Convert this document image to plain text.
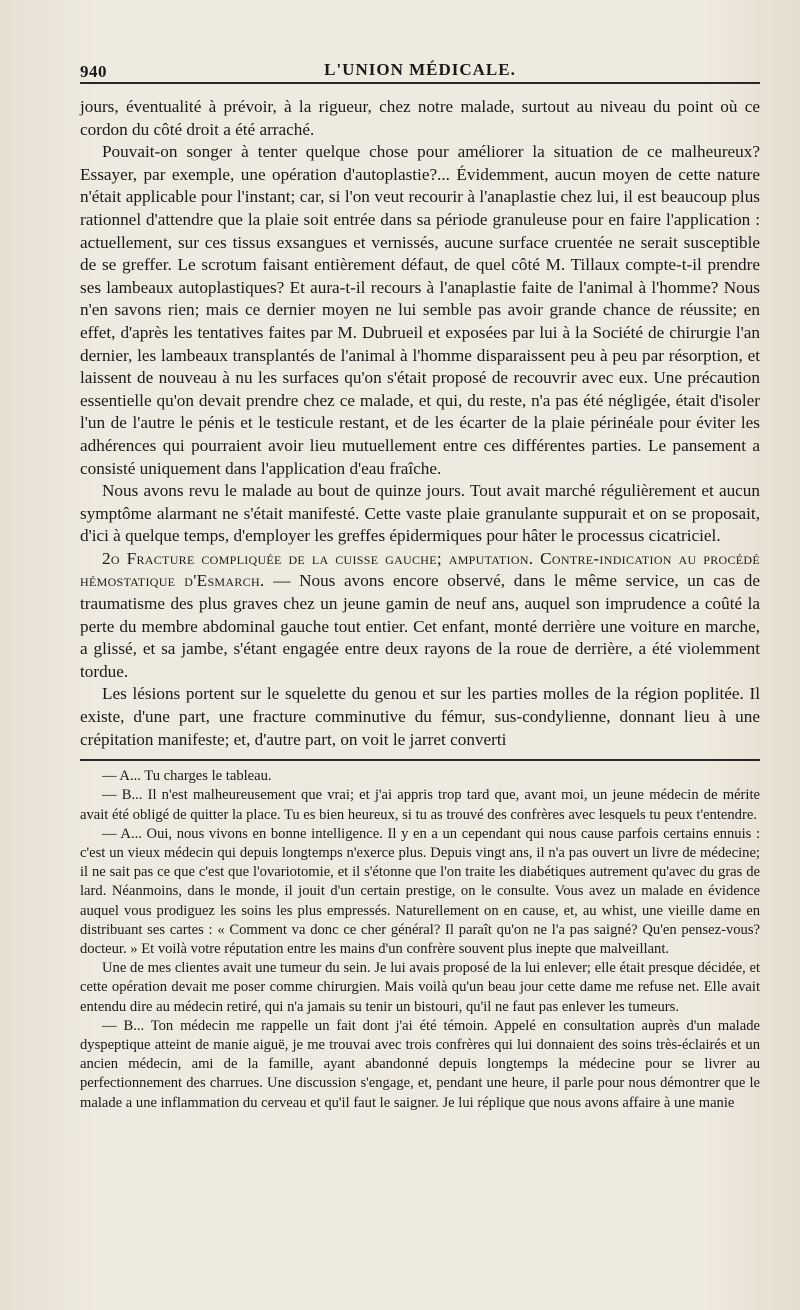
940	L'UNION MÉDICALE.

jours, éventualité à prévoir, à la rigueur, chez notre malade, surtout au niveau du point où ce cordon du côté droit a été arraché.

Pouvait-on songer à tenter quelque chose pour améliorer la situation de ce malheureux? Essayer, par exemple, une opération d'autoplastie?... Évidemment, aucun moyen de cette nature n'était applicable pour l'instant; car, si l'on veut recourir à l'anaplastie chez lui, il est beaucoup plus rationnel d'attendre que la plaie soit entrée dans sa période granuleuse pour en faire l'application : actuellement, sur ces tissus exsangues et vernissés, aucune surface cruentée ne serait susceptible de se greffer. Le scrotum faisant entièrement défaut, de quel côté M. Tillaux compte-t-il prendre ses lambeaux autoplastiques? Et aura-t-il recours à l'anaplastie faite de l'animal à l'homme? Nous n'en savons rien; mais ce dernier moyen ne lui semble pas avoir grande chance de réussite; en effet, d'après les tentatives faites par M. Dubrueil et exposées par lui à la Société de chirurgie l'an dernier, les lambeaux transplantés de l'animal à l'homme disparaissent peu à peu par résorption, et laissent de nouveau à nu les surfaces qu'on s'était proposé de recouvrir avec eux. Une précaution essentielle qu'on devait prendre chez ce malade, et qui, du reste, n'a pas été négligée, était d'isoler l'un de l'autre le pénis et le testicule restant, et de les écarter de la plaie périnéale pour éviter les adhérences qui pourraient avoir lieu mutuellement entre ces différentes parties. Le pansement a consisté uniquement dans l'application d'eau fraîche.

Nous avons revu le malade au bout de quinze jours. Tout avait marché régulièrement et aucun symptôme alarmant ne s'était manifesté. Cette vaste plaie granulante suppurait et on se proposait, d'ici à quelque temps, d'employer les greffes épidermiques pour hâter le processus cicatriciel.

2o Fracture compliquée de la cuisse gauche; amputation. Contre-indication au procédé hémostatique d'Esmarch. — Nous avons encore observé, dans le même service, un cas de traumatisme des plus graves chez un jeune gamin de neuf ans, auquel son imprudence a coûté la perte du membre abdominal gauche tout entier. Cet enfant, monté derrière une voiture en marche, a glissé, et sa jambe, s'étant engagée entre deux rayons de la roue de derrière, a été violemment tordue.

Les lésions portent sur le squelette du genou et sur les parties molles de la région poplitée. Il existe, d'une part, une fracture comminutive du fémur, sus-condylienne, donnant lieu à une crépitation manifeste; et, d'autre part, on voit le jarret converti

— A... Tu charges le tableau.

— B... Il n'est malheureusement que vrai; et j'ai appris trop tard que, avant moi, un jeune médecin de mérite avait été obligé de quitter la place. Tu es bien heureux, si tu as trouvé des confrères avec lesquels tu peux t'entendre.

— A... Oui, nous vivons en bonne intelligence. Il y en a un cependant qui nous cause parfois certains ennuis : c'est un vieux médecin qui depuis longtemps n'exerce plus. Depuis vingt ans, il n'a pas ouvert un livre de médecine; il ne sait pas ce que c'est que l'ovariotomie, et il s'étonne que l'on traite les diabétiques autrement qu'avec du gras de lard. Néanmoins, dans le monde, il jouit d'un certain prestige, on le consulte. Vous avez un malade en évidence auquel vous prodiguez les soins les plus empressés. Naturellement on en cause, et, au whist, une vieille dame en distribuant ses cartes : « Comment va donc ce cher général? Il paraît qu'on ne l'a pas saigné? Qu'en pensez-vous? docteur. » Et voilà votre réputation entre les mains d'un confrère souvent plus inepte que malveillant.

Une de mes clientes avait une tumeur du sein. Je lui avais proposé de la lui enlever; elle était presque décidée, et cette opération devait me poser comme chirurgien. Mais voilà qu'un beau jour cette dame me refuse net. Elle avait entendu dire au médecin retiré, qui n'a jamais su tenir un bistouri, qu'il ne faut pas enlever les tumeurs.

— B... Ton médecin me rappelle un fait dont j'ai été témoin. Appelé en consultation auprès d'un malade dyspeptique atteint de manie aiguë, je me trouvai avec trois confrères qui lui donnaient des soins très-éclairés et un ancien médecin, ami de la famille, ayant abandonné depuis longtemps la médecine pour se livrer au perfectionnement des charrues. Une discussion s'engage, et, pendant une heure, il parle pour nous démontrer que le malade a une inflammation du cerveau et qu'il faut le saigner. Je lui réplique que nous avons affaire à une manie
